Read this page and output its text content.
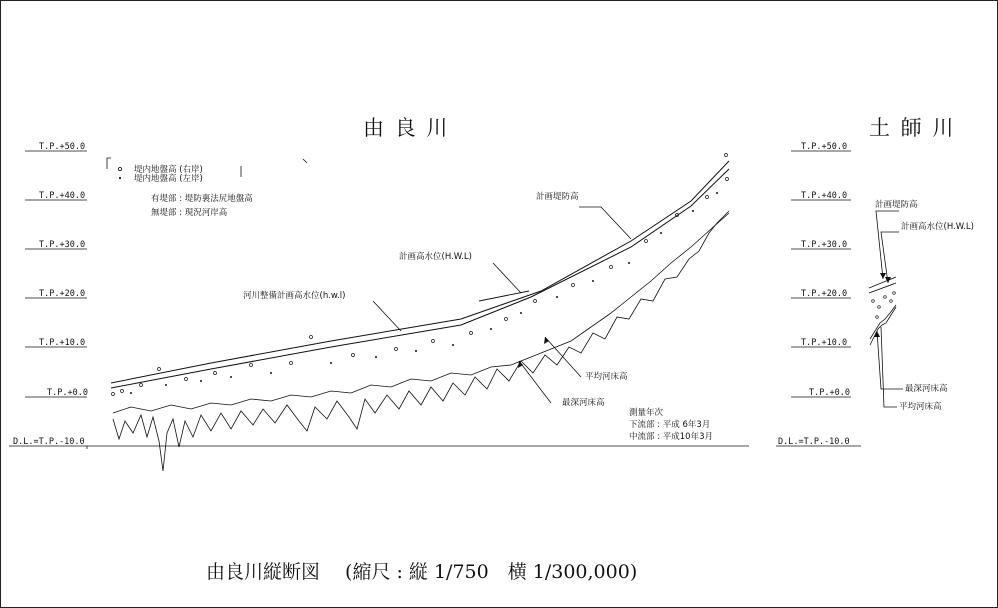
由 良 川	土 師 川
T.P.+50.0
T.P.+40.0
T.P.+30.0
T.P.+20.0
T.P.+10.0
T.P.+0.0
D.L.=T.P.-10.0
堤内地盤高 (右岸)
堤内地盤高 (左岸)
有堤部 : 堤防裏法尻地盤高
無堤部 : 現況河岸高
計画堤防高
計画高水位(H.W.L)
河川整備計画高水位(h.w.l)
平均河床高
最深河床高
測量年次
下流部 : 平成 6年3月
中流部 : 平成10年3月
T.P.+50.0
T.P.+40.0
T.P.+30.0
T.P.+20.0
T.P.+10.0
T.P.+0.0
D.L.=T.P.-10.0
計画堤防高
計画高水位(H.W.L)
最深河床高
平均河床高
由良川縦断図　 (縮尺 : 縦 1/750　横 1/300,000)
